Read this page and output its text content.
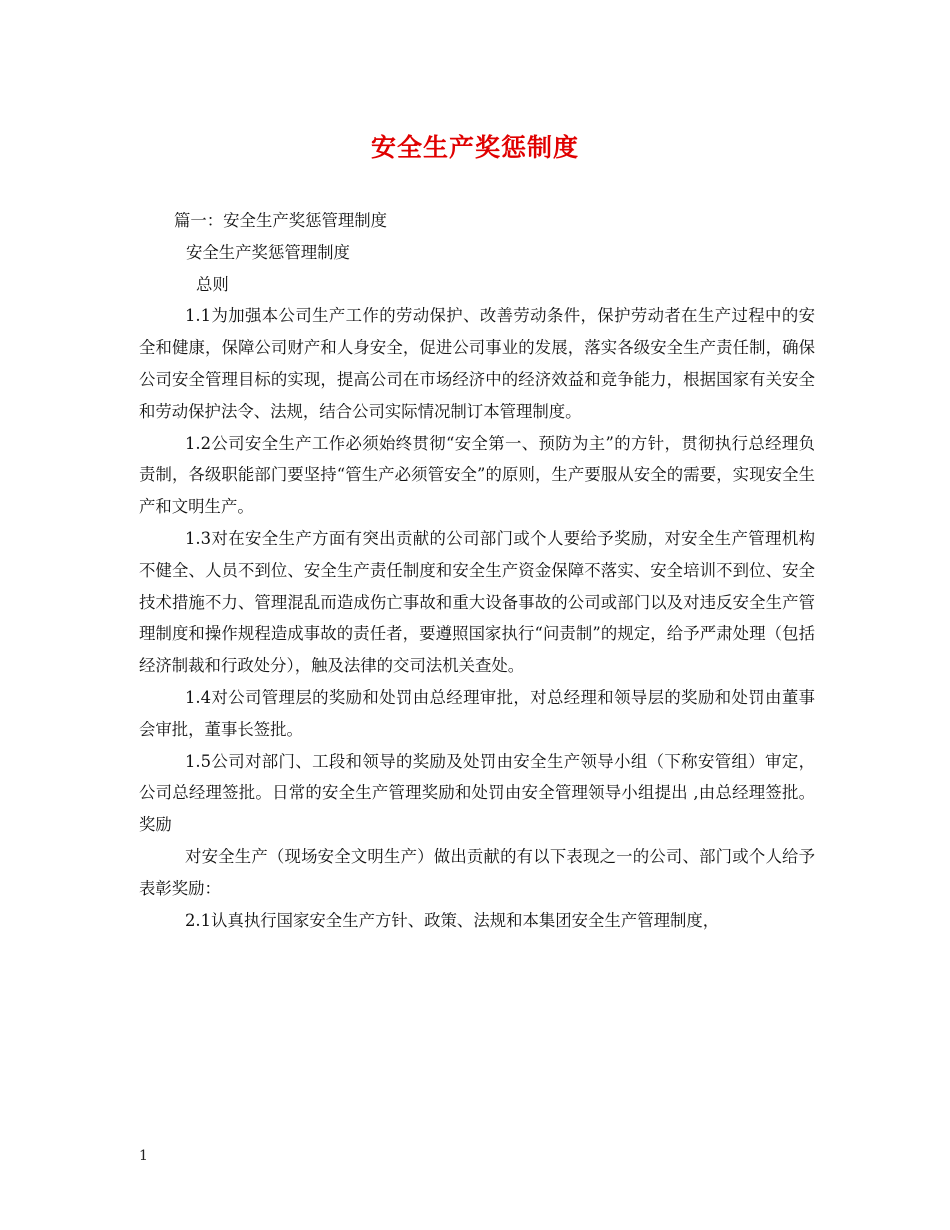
安全生产奖惩制度

篇一：安全生产奖惩管理制度

安全生产奖惩管理制度

总则

1.1为加强本公司生产工作的劳动保护、改善劳动条件，保护劳动者在生产过程中的安全和健康，保障公司财产和人身安全，促进公司事业的发展，落实各级安全生产责任制，确保公司安全管理目标的实现，提高公司在市场经济中的经济效益和竞争能力，根据国家有关安全和劳动保护法令、法规，结合公司实际情况制订本管理制度。

1.2公司安全生产工作必须始终贯彻“安全第一、预防为主”的方针，贯彻执行总经理负责制，各级职能部门要坚持“管生产必须管安全”的原则，生产要服从安全的需要，实现安全生产和文明生产。

1.3对在安全生产方面有突出贡献的公司部门或个人要给予奖励，对安全生产管理机构不健全、人员不到位、安全生产责任制度和安全生产资金保障不落实、安全培训不到位、安全技术措施不力、管理混乱而造成伤亡事故和重大设备事故的公司或部门以及对违反安全生产管理制度和操作规程造成事故的责任者，要遵照国家执行“问责制”的规定，给予严肃处理（包括经济制裁和行政处分），触及法律的交司法机关查处。

1.4对公司管理层的奖励和处罚由总经理审批，对总经理和领导层的奖励和处罚由董事会审批，董事长签批。

1.5公司对部门、工段和领导的奖励及处罚由安全生产领导小组（下称安管组）审定，公司总经理签批。日常的安全生产管理奖励和处罚由安全管理领导小组提出 ,由总经理签批。 奖励

对安全生产（现场安全文明生产）做出贡献的有以下表现之一的公司、部门或个人给予表彰奖励：

2.1认真执行国家安全生产方针、政策、法规和本集团安全生产管理制度，

1
